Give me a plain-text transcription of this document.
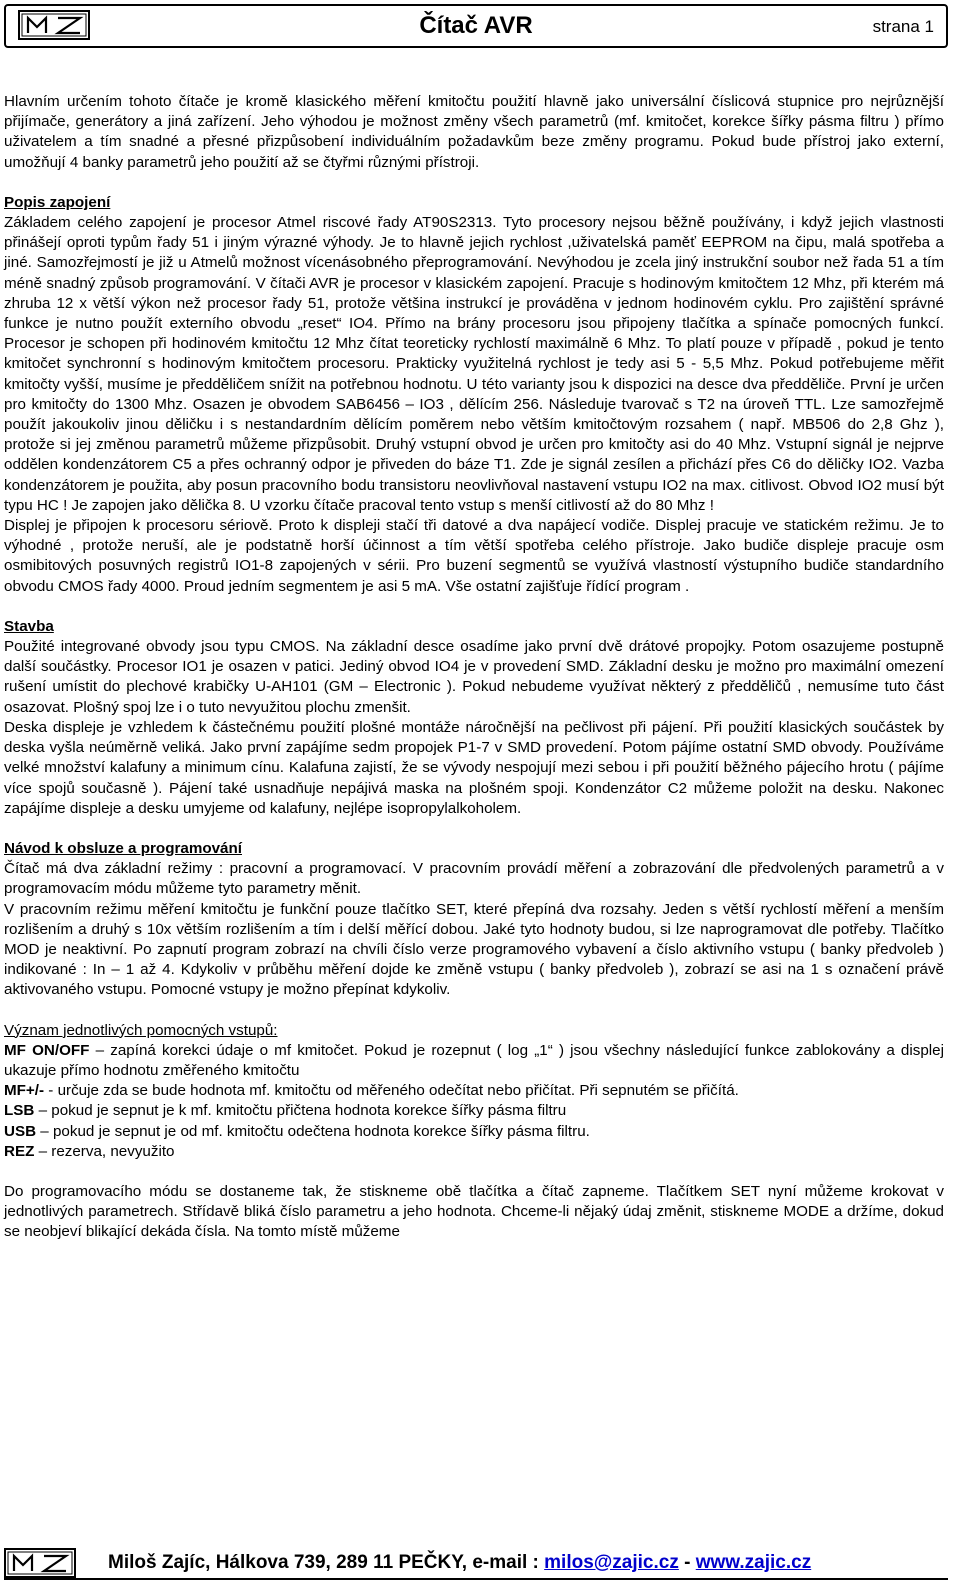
Čítač AVR	strana 1

Hlavním určením tohoto čítače je kromě klasického měření kmitočtu použití hlavně jako universální číslicová stupnice pro nejrůznější přijímače, generátory a jiná zařízení. Jeho výhodou je možnost změny všech parametrů (mf. kmitočet, korekce šířky pásma filtru ) přímo uživatelem a tím snadné a přesné přizpůsobení individuálním požadavkům beze změny programu. Pokud bude přístroj jako externí, umožňují 4 banky parametrů jeho použití až se čtyřmi různými přístroji.

Popis zapojení

Základem celého zapojení je procesor Atmel riscové řady AT90S2313. Tyto procesory nejsou běžně používány, i když jejich vlastnosti přinášejí oproti typům řady 51 i jiným výrazné výhody. Je to hlavně jejich rychlost ,uživatelská paměť EEPROM na čipu, malá spotřeba a jiné. Samozřejmostí je již u Atmelů možnost vícenásobného přeprogramování. Nevýhodou je zcela jiný instrukční soubor než řada 51 a tím méně snadný způsob programování. V čítači AVR je procesor v klasickém zapojení. Pracuje s hodinovým kmitočtem 12 Mhz, při kterém má zhruba 12 x větší výkon než procesor řady 51, protože většina instrukcí je prováděna v jednom hodinovém cyklu. Pro zajištění správné funkce je nutno použít externího obvodu „reset“ IO4. Přímo na brány procesoru jsou připojeny tlačítka a spínače pomocných funkcí. Procesor je schopen při hodinovém kmitočtu 12 Mhz čítat teoreticky rychlostí maximálně 6 Mhz. To platí pouze v případě , pokud je tento kmitočet synchronní s hodinovým kmitočtem procesoru. Prakticky využitelná rychlost je tedy asi 5 - 5,5 Mhz. Pokud potřebujeme měřit kmitočty vyšší, musíme je předděličem snížit na potřebnou hodnotu. U této varianty jsou k dispozici na desce dva předděliče. První je určen pro kmitočty do 1300 Mhz. Osazen je obvodem SAB6456 – IO3 , dělícím 256. Následuje tvarovač s T2 na úroveň TTL. Lze samozřejmě použít jakoukoliv jinou děličku i s nestandardním dělícím poměrem nebo větším kmitočtovým rozsahem ( např. MB506 do 2,8 Ghz ), protože si jej změnou parametrů můžeme přizpůsobit. Druhý vstupní obvod je určen pro kmitočty asi do 40 Mhz. Vstupní signál je nejprve oddělen kondenzátorem C5 a přes ochranný odpor je přiveden do báze T1. Zde je signál zesílen a přichází přes C6 do děličky IO2. Vazba kondenzátorem je použita, aby posun pracovního bodu transistoru neovlivňoval nastavení vstupu IO2 na max. citlivost. Obvod IO2 musí být typu HC ! Je zapojen jako dělička 8. U vzorku čítače pracoval tento vstup s menší citlivostí až do 80 Mhz !

Displej je připojen k procesoru sériově. Proto k displeji stačí tři datové a dva napájecí vodiče. Displej pracuje ve statickém režimu. Je to výhodné , protože neruší, ale je podstatně horší účinnost a tím větší spotřeba celého přístroje. Jako budiče displeje pracuje osm osmibitových posuvných registrů IO1-8 zapojených v sérii. Pro buzení segmentů se využívá vlastností výstupního budiče standardního obvodu CMOS řady 4000. Proud jedním segmentem je asi 5 mA. Vše ostatní zajišťuje řídící program .

Stavba

Použité integrované obvody jsou typu CMOS. Na základní desce osadíme jako první dvě drátové propojky. Potom osazujeme postupně další součástky. Procesor IO1 je osazen v patici. Jediný obvod IO4 je v provedení SMD. Základní desku je možno pro maximální omezení rušení umístit do plechové krabičky U-AH101 (GM – Electronic ). Pokud nebudeme využívat některý z předděličů , nemusíme tuto část osazovat. Plošný spoj lze i o tuto nevyužitou plochu zmenšit.

Deska displeje je vzhledem k částečnému použití plošné montáže náročnější na pečlivost při pájení. Při použití klasických součástek by deska vyšla neúměrně veliká. Jako první zapájíme sedm propojek P1-7 v SMD provedení. Potom pájíme ostatní SMD obvody. Používáme velké množství kalafuny a minimum cínu. Kalafuna zajistí, že se vývody nespojují mezi sebou i při použití běžného pájecího hrotu ( pájíme více spojů současně ). Pájení také usnadňuje nepájivá maska na plošném spoji. Kondenzátor C2 můžeme položit na desku. Nakonec zapájíme displeje a desku umyjeme od kalafuny, nejlépe isopropylalkoholem.

Návod k obsluze a programování

Čítač má dva základní režimy : pracovní a programovací. V pracovním provádí měření a zobrazování dle předvolených parametrů a v programovacím módu můžeme tyto parametry měnit.

V pracovním režimu měření kmitočtu je funkční pouze tlačítko SET, které přepíná dva rozsahy. Jeden s větší rychlostí měření a menším rozlišením a druhý s 10x větším rozlišením a tím i delší měřící dobou. Jaké tyto hodnoty budou, si lze naprogramovat dle potřeby. Tlačítko MOD je neaktivní. Po zapnutí program zobrazí na chvíli číslo verze programového vybavení a číslo aktivního vstupu ( banky předvoleb ) indikované : In – 1 až 4. Kdykoliv v průběhu měření dojde ke změně vstupu ( banky předvoleb ), zobrazí se asi na 1 s označení právě aktivovaného vstupu. Pomocné vstupy je možno přepínat kdykoliv.

Význam jednotlivých pomocných vstupů:

MF ON/OFF – zapíná korekci údaje o mf kmitočet. Pokud je rozepnut ( log „1“ ) jsou všechny následující funkce zablokovány a displej ukazuje přímo hodnotu změřeného kmitočtu

MF+/- - určuje zda se bude hodnota mf. kmitočtu od měřeného odečítat nebo přičítat. Při sepnutém se přičítá.

LSB – pokud je sepnut je k mf. kmitočtu přičtena hodnota korekce šířky pásma filtru

USB – pokud je sepnut je od mf. kmitočtu odečtena hodnota korekce šířky pásma filtru.

REZ – rezerva, nevyužito

Do programovacího módu se dostaneme tak, že stiskneme obě tlačítka a čítač zapneme. Tlačítkem SET nyní můžeme krokovat v jednotlivých parametrech. Střídavě bliká číslo parametru a jeho hodnota. Chceme-li nějaký údaj změnit, stiskneme MODE a držíme, dokud se neobjeví blikající dekáda čísla. Na tomto místě můžeme

Miloš Zajíc, Hálkova 739, 289 11 PEČKY, e-mail : milos@zajic.cz - www.zajic.cz
